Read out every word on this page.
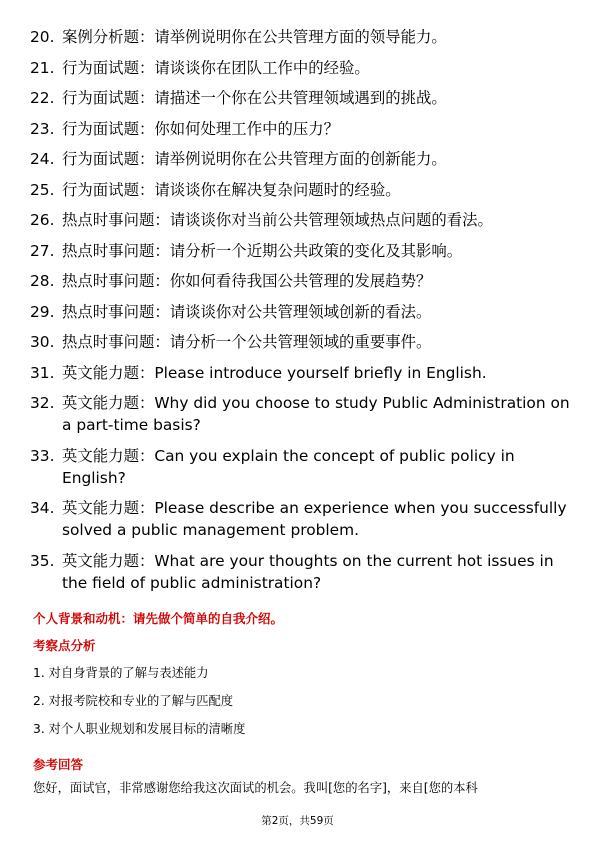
20. 案例分析题：请举例说明你在公共管理方面的领导能力。
21. 行为面试题：请谈谈你在团队工作中的经验。
22. 行为面试题：请描述一个你在公共管理领域遇到的挑战。
23. 行为面试题：你如何处理工作中的压力？
24. 行为面试题：请举例说明你在公共管理方面的创新能力。
25. 行为面试题：请谈谈你在解决复杂问题时的经验。
26. 热点时事问题：请谈谈你对当前公共管理领域热点问题的看法。
27. 热点时事问题：请分析一个近期公共政策的变化及其影响。
28. 热点时事问题：你如何看待我国公共管理的发展趋势？
29. 热点时事问题：请谈谈你对公共管理领域创新的看法。
30. 热点时事问题：请分析一个公共管理领域的重要事件。
31. 英文能力题：Please introduce yourself briefly in English.
32. 英文能力题：Why did you choose to study Public Administration on a part-time basis?
33. 英文能力题：Can you explain the concept of public policy in English?
34. 英文能力题：Please describe an experience when you successfully solved a public management problem.
35. 英文能力题：What are your thoughts on the current hot issues in the field of public administration?
个人背景和动机：请先做个简单的自我介绍。
考察点分析
1. 对自身背景的了解与表述能力
2. 对报考院校和专业的了解与匹配度
3. 对个人职业规划和发展目标的清晰度
参考回答
您好，面试官，非常感谢您给我这次面试的机会。我叫[您的名字]，来自[您的本科
第2页，共59页
